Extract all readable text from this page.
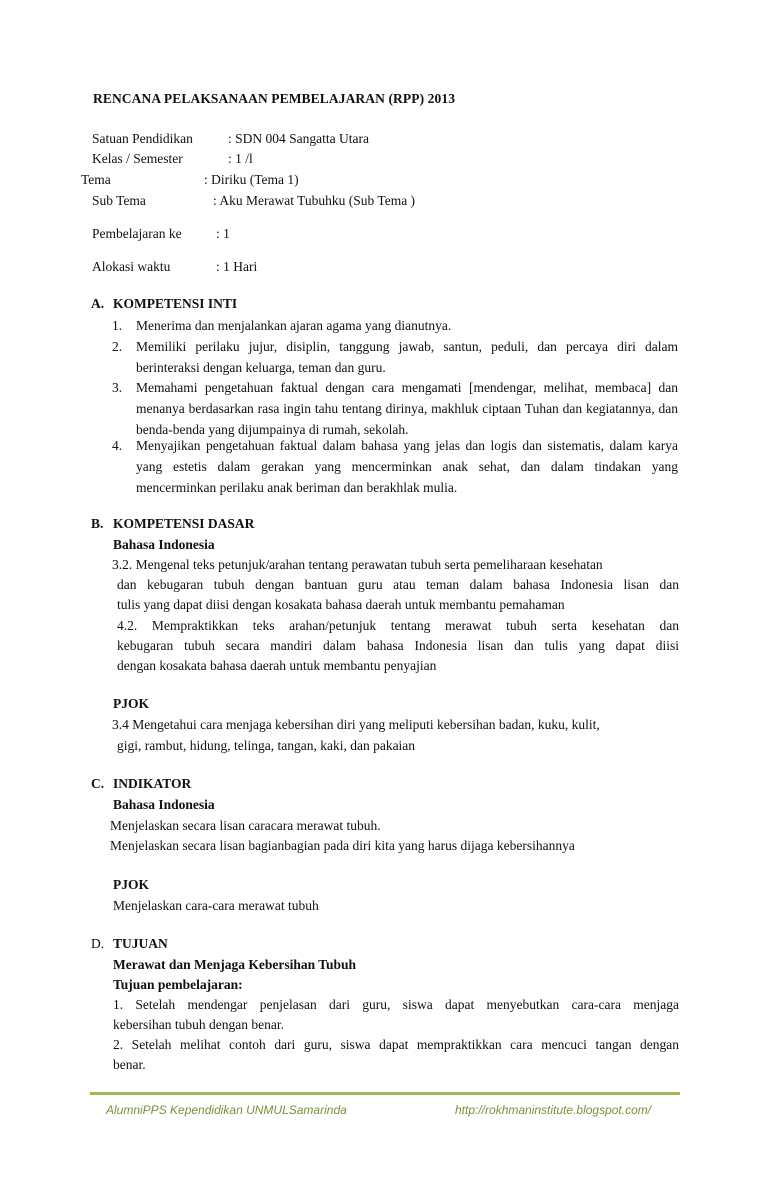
RENCANA PELAKSANAAN PEMBELAJARAN (RPP) 2013
Satuan Pendidikan	: SDN 004 Sangatta Utara
Kelas / Semester	: 1 /l
Tema	: Diriku (Tema 1)
Sub Tema	: Aku Merawat Tubuhku (Sub Tema )
Pembelajaran ke	: 1
Alokasi waktu	: 1 Hari
A. KOMPETENSI INTI
1. Menerima dan menjalankan ajaran agama yang dianutnya.
2. Memiliki perilaku jujur, disiplin, tanggung jawab, santun, peduli, dan percaya diri dalam berinteraksi dengan keluarga, teman dan guru.
3. Memahami pengetahuan faktual dengan cara mengamati [mendengar, melihat, membaca] dan menanya berdasarkan rasa ingin tahu tentang dirinya, makhluk ciptaan Tuhan dan kegiatannya, dan benda-benda yang dijumpainya di rumah, sekolah.
4. Menyajikan pengetahuan faktual dalam bahasa yang jelas dan logis dan sistematis, dalam karya yang estetis dalam gerakan yang mencerminkan anak sehat, dan dalam tindakan yang mencerminkan perilaku anak beriman dan berakhlak mulia.
B. KOMPETENSI DASAR
Bahasa Indonesia
3.2. Mengenal teks petunjuk/arahan tentang perawatan tubuh serta pemeliharaan kesehatan
dan kebugaran tubuh dengan bantuan guru atau teman dalam bahasa Indonesia lisan dan
tulis yang dapat diisi dengan kosakata bahasa daerah untuk membantu pemahaman
4.2. Mempraktikkan teks arahan/petunjuk tentang merawat tubuh serta kesehatan dan
kebugaran tubuh secara mandiri dalam bahasa Indonesia lisan dan tulis yang dapat diisi
dengan kosakata bahasa daerah untuk membantu penyajian
PJOK
3.4 Mengetahui cara menjaga kebersihan diri yang meliputi kebersihan badan, kuku, kulit,
gigi, rambut, hidung, telinga, tangan, kaki, dan pakaian
C. INDIKATOR
Bahasa Indonesia
Menjelaskan secara lisan caracara merawat tubuh.
Menjelaskan secara lisan bagianbagian pada diri kita yang harus dijaga kebersihannya
PJOK
Menjelaskan cara-cara merawat tubuh
D. TUJUAN
Merawat dan Menjaga Kebersihan Tubuh
Tujuan pembelajaran:
1. Setelah mendengar penjelasan dari guru, siswa dapat menyebutkan cara-cara menjaga
kebersihan tubuh dengan benar.
2. Setelah melihat contoh dari guru, siswa dapat mempraktikkan cara mencuci tangan dengan
benar.
AlumniPPS Kependidikan UNMULSamarinda	http://rokhmaninstitute.blogspot.com/
